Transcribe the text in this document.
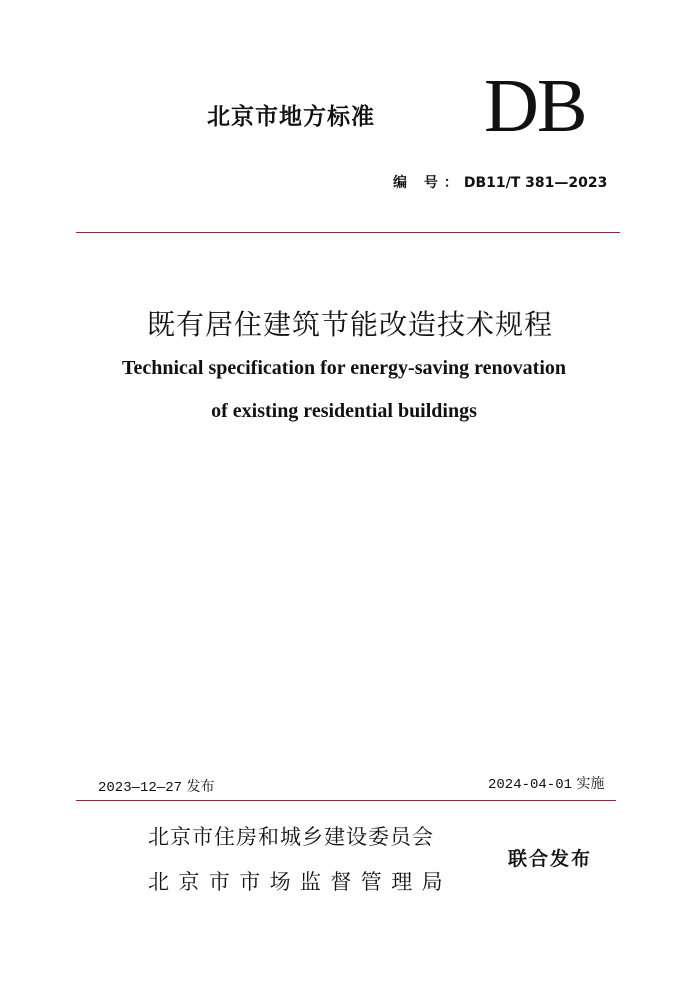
北京市地方标准 DB
编 号：DB11/T 381—2023
既有居住建筑节能改造技术规程
Technical specification for energy-saving renovation
of existing residential buildings
2023—12—27 发布	2024-04-01 实施
北京市住房和城乡建设委员会
北京市市场监督管理局
联合发布
